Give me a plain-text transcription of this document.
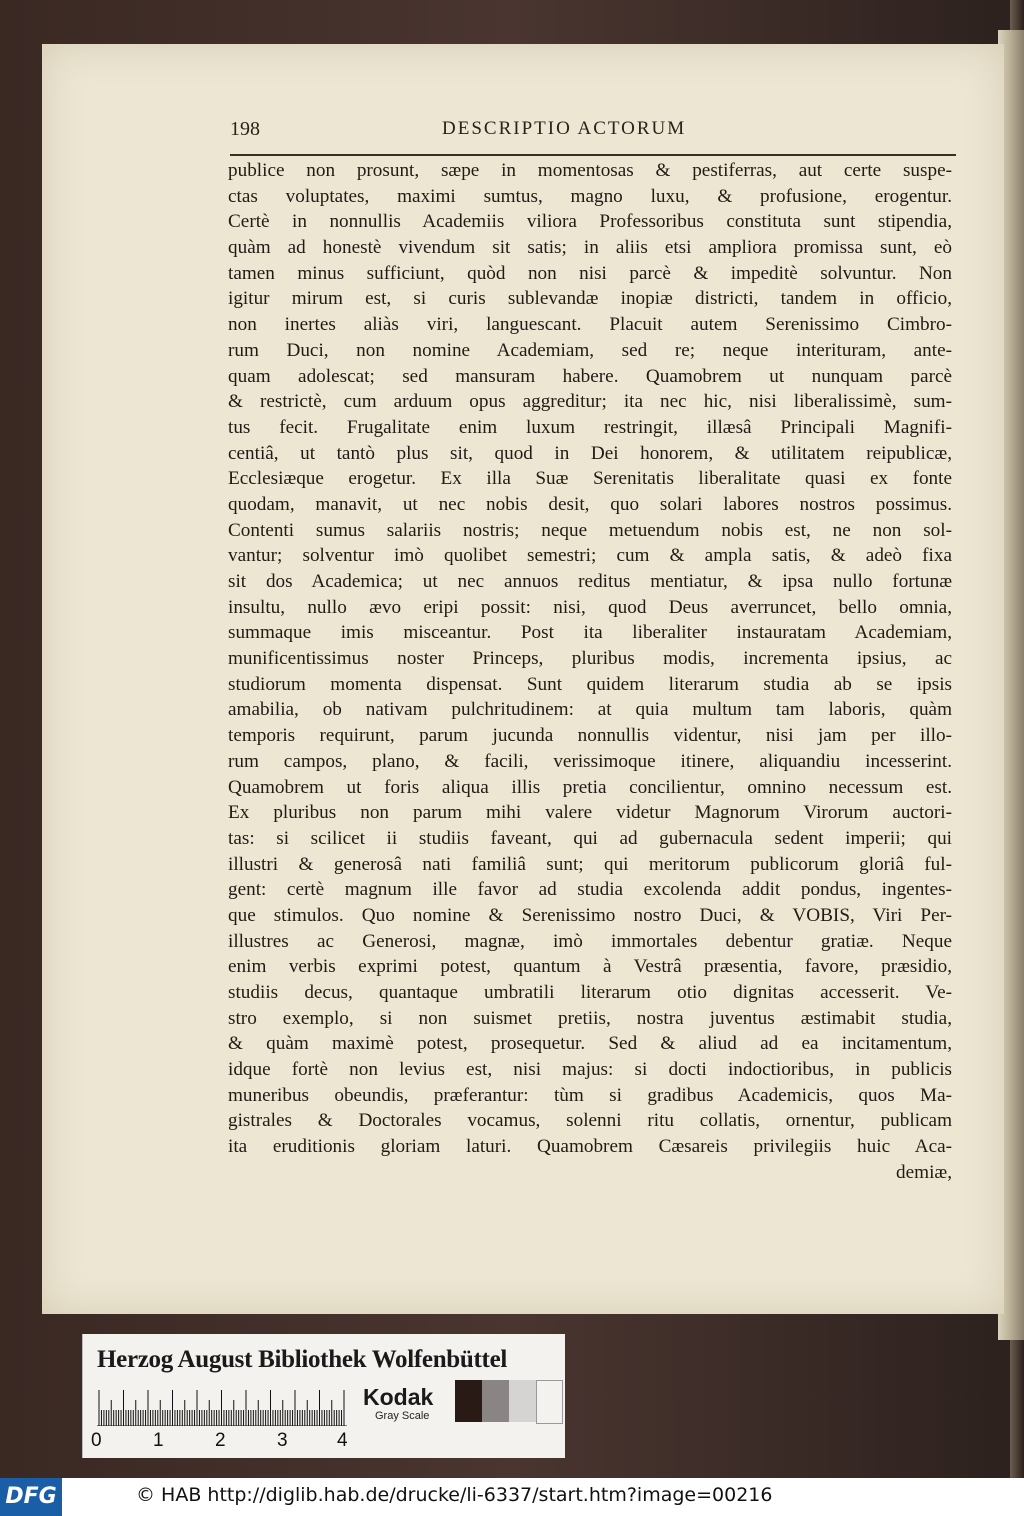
198	DESCRIPTIO ACTORUM
publice non prosunt, sæpe in momentosas & pestiferras, aut certe suspe-
ctas voluptates, maximi sumtus, magno luxu, & profusione, erogentur.
Certè in nonnullis Academiis viliora Professoribus constituta sunt stipendia,
quàm ad honestè vivendum sit satis; in aliis etsi ampliora promissa sunt, eò
tamen minus sufficiunt, quòd non nisi parcè & impeditè solvuntur. Non
igitur mirum est, si curis sublevandæ inopiæ districti, tandem in officio,
non inertes aliàs viri, languescant. Placuit autem Serenissimo Cimbro-
rum Duci, non nomine Academiam, sed re; neque interituram, ante-
quam adolescat; sed mansuram habere. Quamobrem ut nunquam parcè
& restrictè, cum arduum opus aggreditur; ita nec hic, nisi liberalissimè, sum-
tus fecit. Frugalitate enim luxum restringit, illæsâ Principali Magnifi-
centiâ, ut tantò plus sit, quod in Dei honorem, & utilitatem reipublicæ,
Ecclesiæque erogetur. Ex illa Suæ Serenitatis liberalitate quasi ex fonte
quodam, manavit, ut nec nobis desit, quo solari labores nostros possimus.
Contenti sumus salariis nostris; neque metuendum nobis est, ne non sol-
vantur; solventur imò quolibet semestri; cum & ampla satis, & adeò fixa
sit dos Academica; ut nec annuos reditus mentiatur, & ipsa nullo fortunæ
insultu, nullo ævo eripi possit: nisi, quod Deus averruncet, bello omnia,
summaque imis misceantur. Post ita liberaliter instauratam Academiam,
munificentissimus noster Princeps, pluribus modis, incrementa ipsius, ac
studiorum momenta dispensat. Sunt quidem literarum studia ab se ipsis
amabilia, ob nativam pulchritudinem: at quia multum tam laboris, quàm
temporis requirunt, parum jucunda nonnullis videntur, nisi jam per illo-
rum campos, plano, & facili, verissimoque itinere, aliquandiu incesserint.
Quamobrem ut foris aliqua illis pretia concilientur, omnino necessum est.
Ex pluribus non parum mihi valere videtur Magnorum Virorum auctori-
tas: si scilicet ii studiis faveant, qui ad gubernacula sedent imperii; qui
illustri & generosâ nati familiâ sunt; qui meritorum publicorum gloriâ ful-
gent: certè magnum ille favor ad studia excolenda addit pondus, ingentes-
que stimulos. Quo nomine & Serenissimo nostro Duci, & VOBIS, Viri Per-
illustres ac Generosi, magnæ, imò immortales debentur gratiæ. Neque
enim verbis exprimi potest, quantum à Vestrâ præsentia, favore, præsidio,
studiis decus, quantaque umbratili literarum otio dignitas accesserit. Ve-
stro exemplo, si non suismet pretiis, nostra juventus æstimabit studia,
& quàm maximè potest, prosequetur. Sed & aliud ad ea incitamentum,
idque fortè non levius est, nisi majus: si docti indoctioribus, in publicis
muneribus obeundis, præferantur: tùm si gradibus Academicis, quos Ma-
gistrales & Doctorales vocamus, solenni ritu collatis, ornentur, publicam
ita eruditionis gloriam laturi. Quamobrem Cæsareis privilegiis huic Aca-
demiæ,
Herzog August Bibliothek Wolfenbüttel
0	1	2	3	4
Kodak
Gray Scale
DFG	© HAB http://diglib.hab.de/drucke/li-6337/start.htm?image=00216
